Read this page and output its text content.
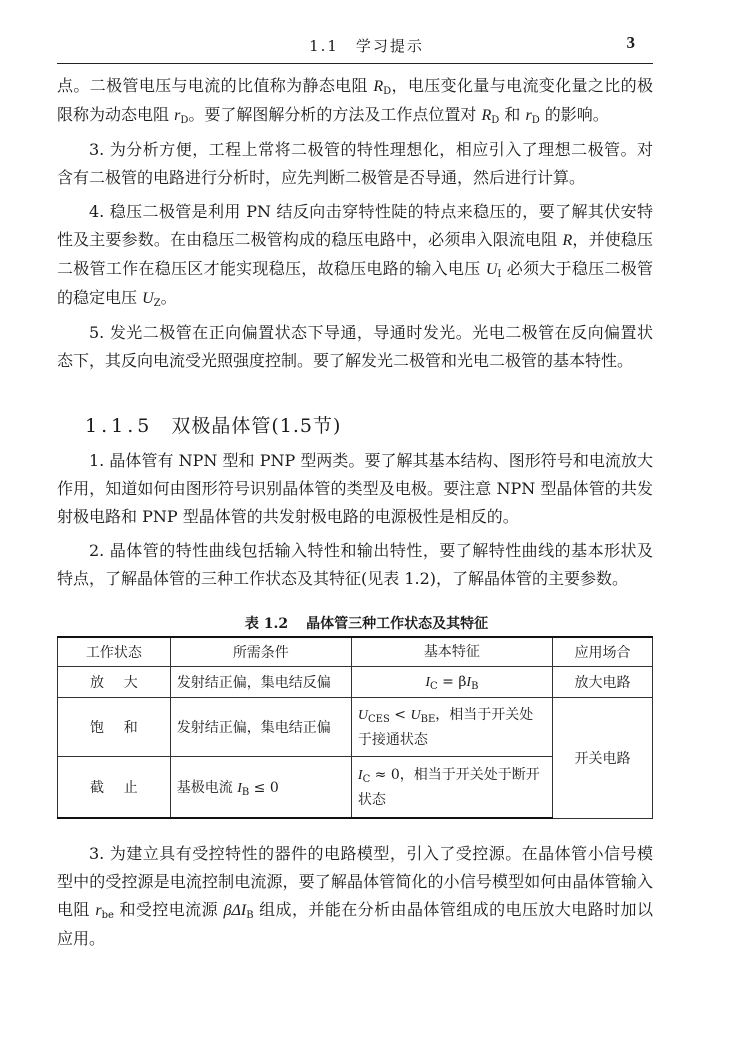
1.1　学习提示	3

点。二极管电压与电流的比值称为静态电阻 $R_D$，电压变化量与电流变化量之比的极限称为动态电阻 $r_D$。要了解图解分析的方法及工作点位置对 $R_D$ 和 $r_D$ 的影响。

3. 为分析方便，工程上常将二极管的特性理想化，相应引入了理想二极管。对含有二极管的电路进行分析时，应先判断二极管是否导通，然后进行计算。

4. 稳压二极管是利用 PN 结反向击穿特性陡的特点来稳压的，要了解其伏安特性及主要参数。在由稳压二极管构成的稳压电路中，必须串入限流电阻 R，并使稳压二极管工作在稳压区才能实现稳压，故稳压电路的输入电压 $U_I$ 必须大于稳压二极管的稳定电压 $U_Z$。

5. 发光二极管在正向偏置状态下导通，导通时发光。光电二极管在反向偏置状态下，其反向电流受光照强度控制。要了解发光二极管和光电二极管的基本特性。

1.1.5 双极晶体管(1.5节)

1. 晶体管有 NPN 型和 PNP 型两类。要了解其基本结构、图形符号和电流放大作用，知道如何由图形符号识别晶体管的类型及电极。要注意 NPN 型晶体管的共发射极电路和 PNP 型晶体管的共发射极电路的电源极性是相反的。

2. 晶体管的特性曲线包括输入特性和输出特性，要了解特性曲线的基本形状及特点，了解晶体管的三种工作状态及其特征(见表 1.2)，了解晶体管的主要参数。

表 1.2 晶体管三种工作状态及其特征
工作状态	所需条件	基本特征	应用场合

放 大	发射结正偏，集电结反偏	$I_C = \beta I_B$	放大电路

饱 和	发射结正偏，集电结正偏	$U_{CES} < U_{BE}$，相当于开关处于接通状态	开关电路

截 止	基极电流 $I_B \le 0$	$I_C \approx 0$，相当于开关处于断开状态	

3. 为建立具有受控特性的器件的电路模型，引入了受控源。在晶体管小信号模型中的受控源是电流控制电流源，要了解晶体管简化的小信号模型如何由晶体管输入电阻 $r_{be}$ 和受控电流源 βΔI$_B$ 组成，并能在分析由晶体管组成的电压放大电路时加以应用。
